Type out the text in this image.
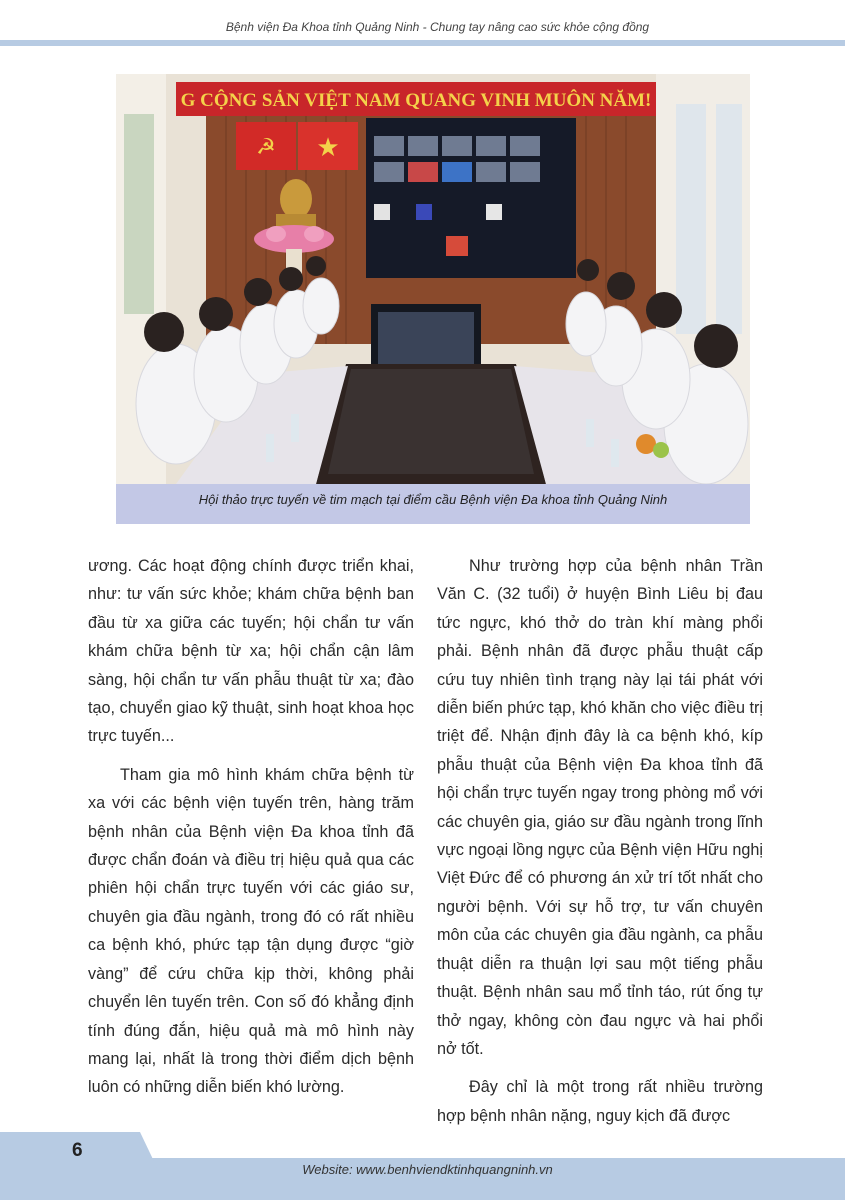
Bệnh viện Đa Khoa tỉnh Quảng Ninh - Chung tay nâng cao sức khỏe cộng đồng
G CỘNG SẢN VIỆT NAM QUANG VINH MUÔN NĂM!
☭ ★
Hội thảo trực tuyến về tim mạch tại điểm cầu Bệnh viện Đa khoa tỉnh Quảng Ninh

ương. Các hoạt động chính được triển khai, như: tư vấn sức khỏe; khám chữa bệnh ban đầu từ xa giữa các tuyến; hội chẩn tư vấn khám chữa bệnh từ xa; hội chẩn cận lâm sàng, hội chẩn tư vấn phẫu thuật từ xa; đào tạo, chuyển giao kỹ thuật, sinh hoạt khoa học trực tuyến...

Tham gia mô hình khám chữa bệnh từ xa với các bệnh viện tuyến trên, hàng trăm bệnh nhân của Bệnh viện Đa khoa tỉnh đã được chẩn đoán và điều trị hiệu quả qua các phiên hội chẩn trực tuyến với các giáo sư, chuyên gia đầu ngành, trong đó có rất nhiều ca bệnh khó, phức tạp tận dụng được “giờ vàng” để cứu chữa kịp thời, không phải chuyển lên tuyến trên. Con số đó khẳng định tính đúng đắn, hiệu quả mà mô hình này mang lại, nhất là trong thời điểm dịch bệnh luôn có những diễn biến khó lường.

Như trường hợp của bệnh nhân Trần Văn C. (32 tuổi) ở huyện Bình Liêu bị đau tức ngực, khó thở do tràn khí màng phổi phải. Bệnh nhân đã được phẫu thuật cấp cứu tuy nhiên tình trạng này lại tái phát với diễn biến phức tạp, khó khăn cho việc điều trị triệt để. Nhận định đây là ca bệnh khó, kíp phẫu thuật của Bệnh viện Đa khoa tỉnh đã hội chẩn trực tuyến ngay trong phòng mổ với các chuyên gia, giáo sư đầu ngành trong lĩnh vực ngoại lồng ngực của Bệnh viện Hữu nghị Việt Đức để có phương án xử trí tốt nhất cho người bệnh. Với sự hỗ trợ, tư vấn chuyên môn của các chuyên gia đầu ngành, ca phẫu thuật diễn ra thuận lợi sau một tiếng phẫu thuật. Bệnh nhân sau mổ tỉnh táo, rút ống tự thở ngay, không còn đau ngực và hai phổi nở tốt.

Đây chỉ là một trong rất nhiều trường hợp bệnh nhân nặng, nguy kịch đã được

6
Website: www.benhviendktinhquangninh.vn
